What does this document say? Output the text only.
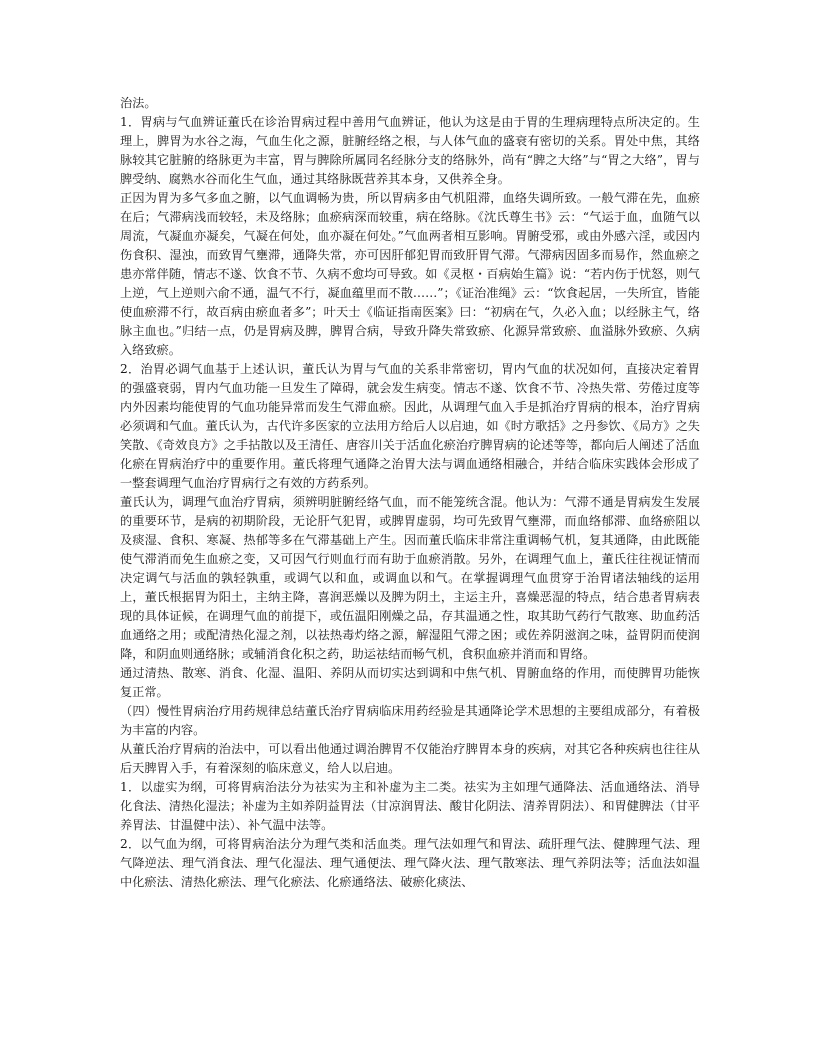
治法。

1．胃病与气血辨证董氏在诊治胃病过程中善用气血辨证，他认为这是由于胃的生理病理特点所决定的。生理上，脾胃为水谷之海，气血生化之源，脏腑经络之根，与人体气血的盛衰有密切的关系。胃处中焦，其络脉较其它脏腑的络脉更为丰富，胃与脾除所属同名经脉分支的络脉外，尚有“脾之大络”与“胃之大络”，胃与脾受纳、腐熟水谷而化生气血，通过其络脉既营养其本身，又供养全身。

正因为胃为多气多血之腑，以气血调畅为贵，所以胃病多由气机阻滞，血络失调所致。一般气滞在先，血瘀在后；气滞病浅而较轻，未及络脉；血瘀病深而较重，病在络脉。《沈氏尊生书》云：“气运于血，血随气以周流，气凝血亦凝矣，气凝在何处，血亦凝在何处。”气血两者相互影响。胃腑受邪，或由外感六淫，或因内伤食积、湿浊，而致胃气壅滞，通降失常，亦可因肝郁犯胃而致肝胃气滞。气滞病因固多而易作，然血瘀之患亦常伴随，情志不遂、饮食不节、久病不愈均可导致。如《灵枢・百病始生篇》说：“若内伤于忧怒，则气上逆，气上逆则六俞不通，温气不行，凝血蕴里而不散……”；《证治准绳》云：“饮食起居，一失所宜，皆能使血瘀滞不行，故百病由瘀血者多”；叶天士《临证指南医案》曰：“初病在气，久必入血；以经脉主气，络脉主血也。”归结一点，仍是胃病及脾，脾胃合病，导致升降失常致瘀、化源异常致瘀、血溢脉外致瘀、久病入络致瘀。

2．治胃必调气血基于上述认识，董氏认为胃与气血的关系非常密切，胃内气血的状况如何，直接决定着胃的强盛衰弱，胃内气血功能一旦发生了障碍，就会发生病变。情志不遂、饮食不节、冷热失常、劳倦过度等内外因素均能使胃的气血功能异常而发生气滞血瘀。因此，从调理气血入手是抓治疗胃病的根本，治疗胃病必须调和气血。董氏认为，古代许多医家的立法用方给后人以启迪，如《时方歌括》之丹参饮、《局方》之失笑散、《奇效良方》之手拈散以及王清任、唐容川关于活血化瘀治疗脾胃病的论述等等，都向后人阐述了活血化瘀在胃病治疗中的重要作用。董氏将理气通降之治胃大法与调血通络相融合，并结合临床实践体会形成了一整套调理气血治疗胃病行之有效的方药系列。

董氏认为，调理气血治疗胃病，须辨明脏腑经络气血，而不能笼统含混。他认为：气滞不通是胃病发生发展的重要环节，是病的初期阶段，无论肝气犯胃，或脾胃虚弱，均可先致胃气壅滞，而血络郁滞、血络瘀阻以及痰湿、食积、寒凝、热郁等多在气滞基础上产生。因而董氏临床非常注重调畅气机，复其通降，由此既能使气滞消而免生血瘀之变，又可因气行则血行而有助于血瘀消散。另外，在调理气血上，董氏往往视证情而决定调气与活血的孰轻孰重，或调气以和血，或调血以和气。在掌握调理气血贯穿于治胃诸法轴线的运用上，董氏根据胃为阳土，主纳主降，喜润恶燥以及脾为阴土，主运主升，喜燥恶湿的特点，结合患者胃病表现的具体证候，在调理气血的前提下，或伍温阳刚燥之品，存其温通之性，取其助气药行气散寒、助血药活血通络之用；或配清热化湿之剂，以祛热毒灼络之源，解湿阻气滞之困；或佐养阴滋润之味，益胃阴而使润降，和阴血则通络脉；或辅消食化积之药，助运祛结而畅气机，食积血瘀并消而和胃络。

通过清热、散寒、消食、化湿、温阳、养阴从而切实达到调和中焦气机、胃腑血络的作用，而使脾胃功能恢复正常。

（四）慢性胃病治疗用药规律总结董氏治疗胃病临床用药经验是其通降论学术思想的主要组成部分，有着极为丰富的内容。

从董氏治疗胃病的治法中，可以看出他通过调治脾胃不仅能治疗脾胃本身的疾病，对其它各种疾病也往往从后天脾胃入手，有着深刻的临床意义，给人以启迪。

1．以虚实为纲，可将胃病治法分为祛实为主和补虚为主二类。祛实为主如理气通降法、活血通络法、消导化食法、清热化湿法；补虚为主如养阴益胃法（甘凉润胃法、酸甘化阴法、清养胃阴法）、和胃健脾法（甘平养胃法、甘温健中法）、补气温中法等。

2．以气血为纲，可将胃病治法分为理气类和活血类。理气法如理气和胃法、疏肝理气法、健脾理气法、理气降逆法、理气消食法、理气化湿法、理气通便法、理气降火法、理气散寒法、理气养阴法等；活血法如温中化瘀法、清热化瘀法、理气化瘀法、化瘀通络法、破瘀化痰法、
